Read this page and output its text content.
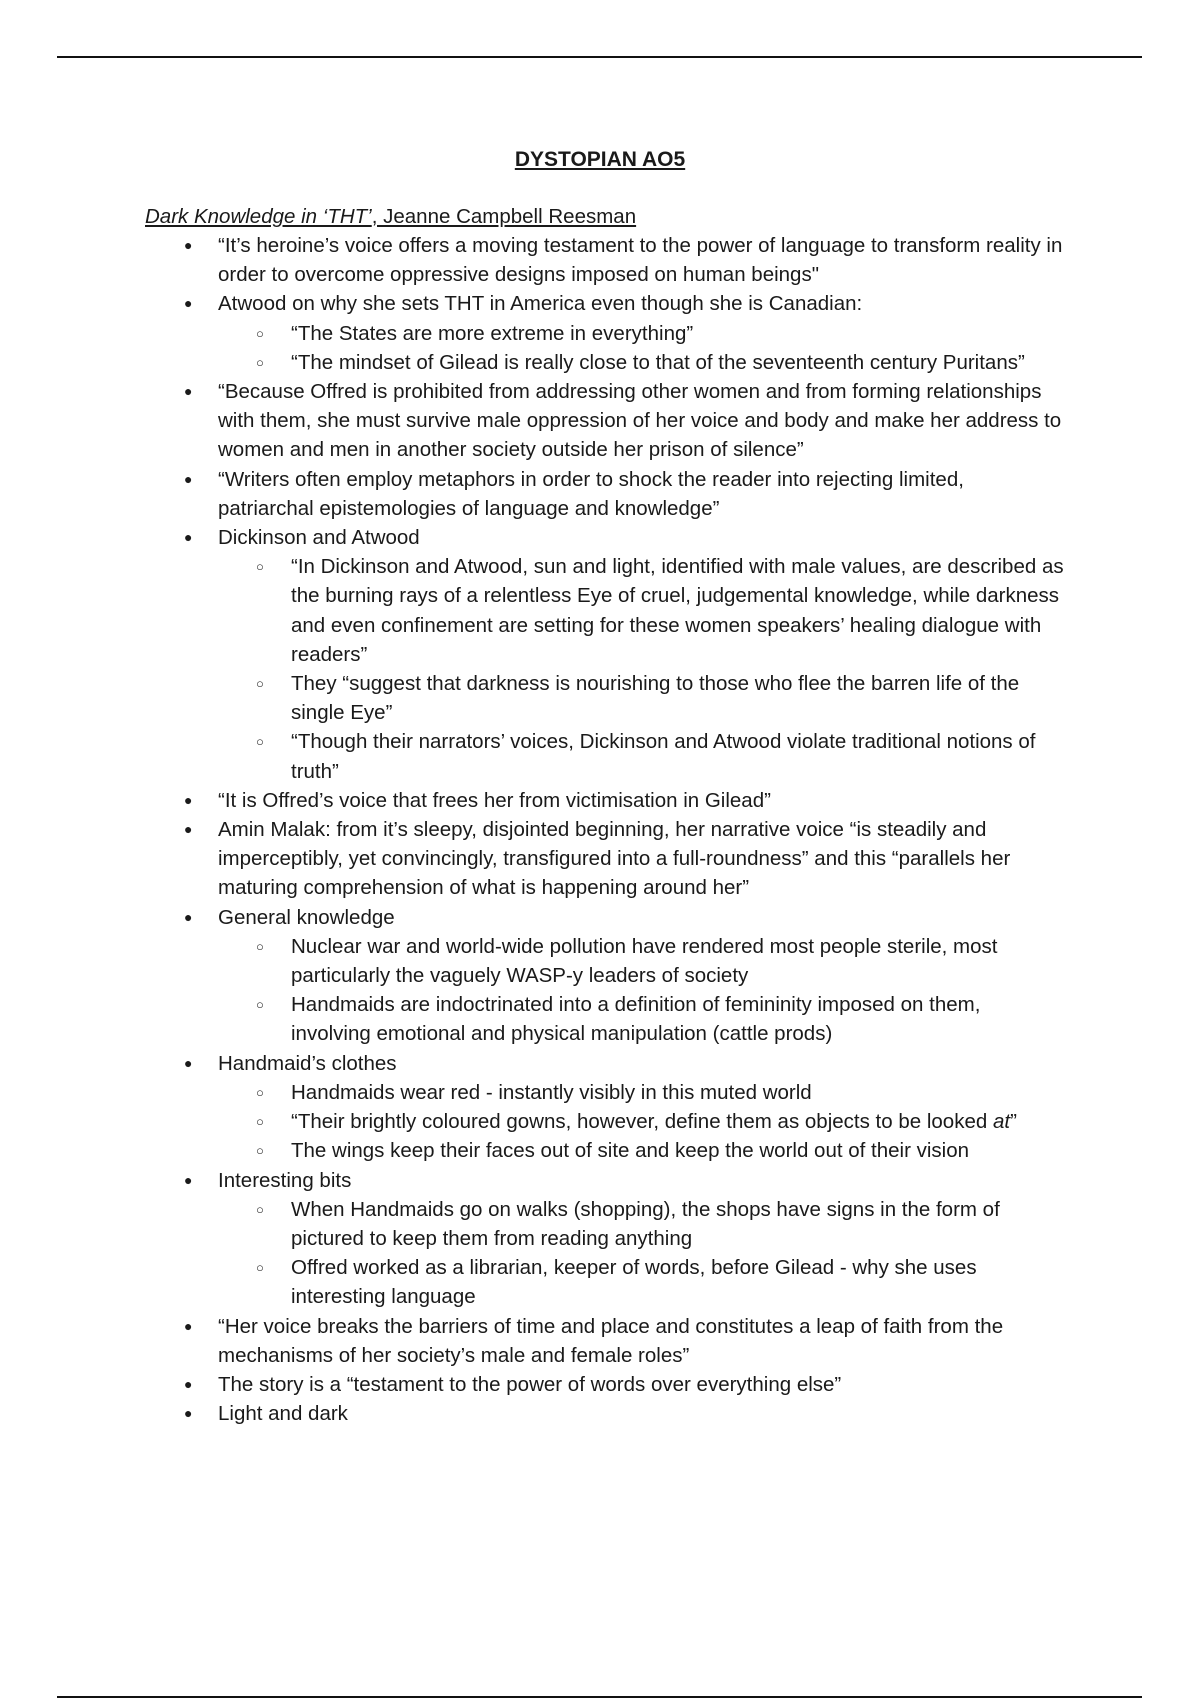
DYSTOPIAN AO5

Dark Knowledge in ‘THT’, Jeanne Campbell Reesman

● “It’s heroine’s voice offers a moving testament to the power of language to transform reality in order to overcome oppressive designs imposed on human beings"
● Atwood on why she sets THT in America even though she is Canadian:
○ “The States are more extreme in everything”
○ “The mindset of Gilead is really close to that of the seventeenth century Puritans”
● “Because Offred is prohibited from addressing other women and from forming relationships with them, she must survive male oppression of her voice and body and make her address to women and men in another society outside her prison of silence”
● “Writers often employ metaphors in order to shock the reader into rejecting limited, patriarchal epistemologies of language and knowledge”
● Dickinson and Atwood
○ “In Dickinson and Atwood, sun and light, identified with male values, are described as the burning rays of a relentless Eye of cruel, judgemental knowledge, while darkness and even confinement are setting for these women speakers’ healing dialogue with readers”
○ They “suggest that darkness is nourishing to those who flee the barren life of the single Eye”
○ “Though their narrators’ voices, Dickinson and Atwood violate traditional notions of truth”
● “It is Offred’s voice that frees her from victimisation in Gilead”
● Amin Malak: from it’s sleepy, disjointed beginning, her narrative voice “is steadily and imperceptibly, yet convincingly, transfigured into a full-roundness” and this “parallels her maturing comprehension of what is happening around her”
● General knowledge
○ Nuclear war and world-wide pollution have rendered most people sterile, most particularly the vaguely WASP-y leaders of society
○ Handmaids are indoctrinated into a definition of femininity imposed on them, involving emotional and physical manipulation (cattle prods)
● Handmaid’s clothes
○ Handmaids wear red - instantly visibly in this muted world
○ “Their brightly coloured gowns, however, define them as objects to be looked at”
○ The wings keep their faces out of site and keep the world out of their vision
● Interesting bits
○ When Handmaids go on walks (shopping), the shops have signs in the form of pictured to keep them from reading anything
○ Offred worked as a librarian, keeper of words, before Gilead - why she uses interesting language
● “Her voice breaks the barriers of time and place and constitutes a leap of faith from the mechanisms of her society’s male and female roles”
● The story is a “testament to the power of words over everything else”
● Light and dark
